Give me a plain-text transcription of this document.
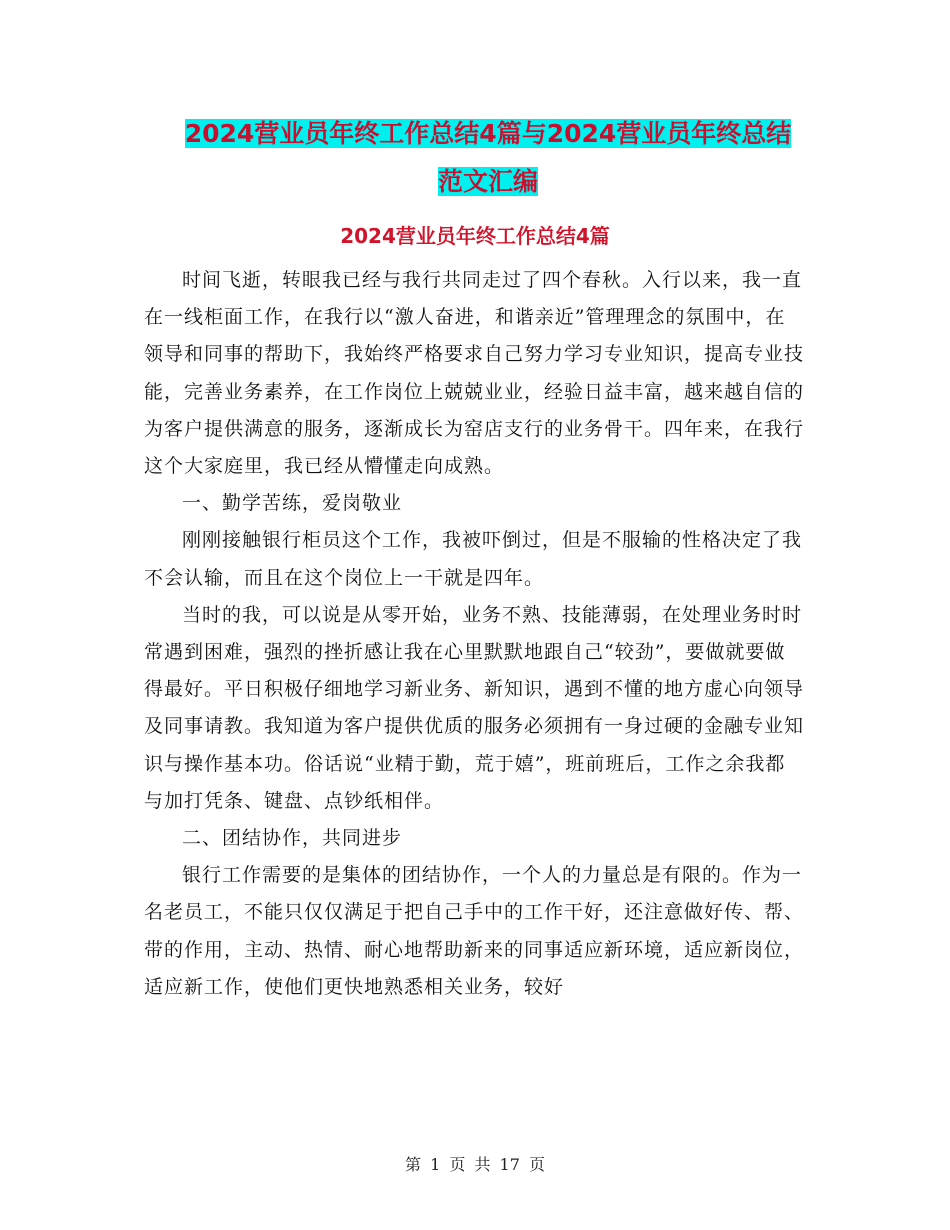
2024营业员年终工作总结4篇与2024营业员年终总结
范文汇编
2024营业员年终工作总结4篇

时间飞逝，转眼我已经与我行共同走过了四个春秋。入行以来，我一直在一线柜面工作，在我行以“激人奋进，和谐亲近”管理理念的氛围中，在领导和同事的帮助下，我始终严格要求自己努力学习专业知识，提高专业技能，完善业务素养，在工作岗位上兢兢业业，经验日益丰富，越来越自信的为客户提供满意的服务，逐渐成长为窑店支行的业务骨干。四年来，在我行这个大家庭里，我已经从懵懂走向成熟。

一、勤学苦练，爱岗敬业

刚刚接触银行柜员这个工作，我被吓倒过，但是不服输的性格决定了我不会认输，而且在这个岗位上一干就是四年。

当时的我，可以说是从零开始，业务不熟、技能薄弱，在处理业务时时常遇到困难，强烈的挫折感让我在心里默默地跟自己“较劲”，要做就要做得最好。平日积极仔细地学习新业务、新知识，遇到不懂的地方虚心向领导及同事请教。我知道为客户提供优质的服务必须拥有一身过硬的金融专业知识与操作基本功。俗话说“业精于勤，荒于嬉”，班前班后，工作之余我都与加打凭条、键盘、点钞纸相伴。

二、团结协作，共同进步

银行工作需要的是集体的团结协作，一个人的力量总是有限的。作为一名老员工，不能只仅仅满足于把自己手中的工作干好，还注意做好传、帮、带的作用，主动、热情、耐心地帮助新来的同事适应新环境，适应新岗位，适应新工作，使他们更快地熟悉相关业务，较好

第 1 页 共 17 页
